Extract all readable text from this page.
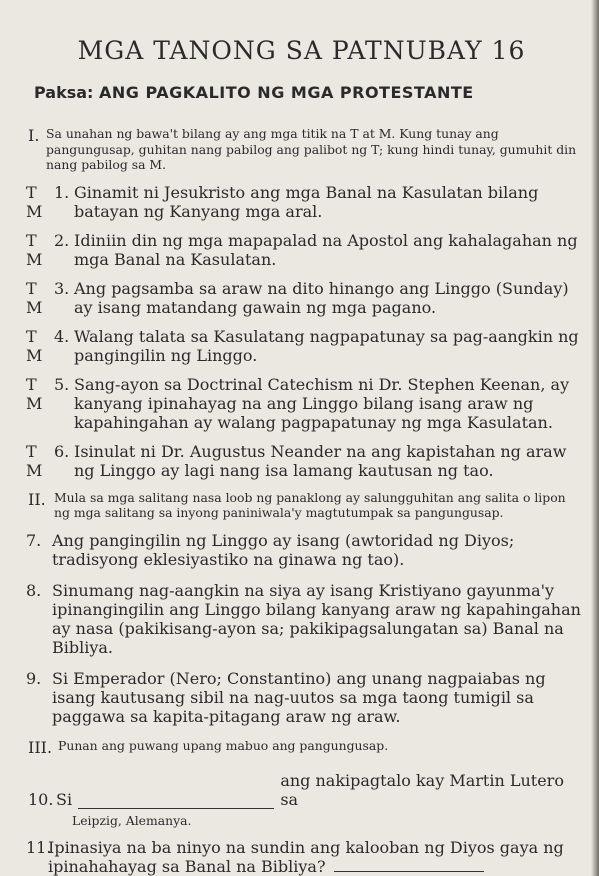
MGA TANONG SA PATNUBAY 16
Paksa: ANG PAGKALITO NG MGA PROTESTANTE
I. Sa unahan ng bawa't bilang ay ang mga titik na T at M. Kung tunay ang pangungusap, guhitan nang pabilog ang palibot ng T; kung hindi tunay, gumuhit din nang pabilog sa M.

T M
1. Ginamit ni Jesukristo ang mga Banal na Kasulatan bilang batayan ng Kanyang mga aral.
T M
2. Idiniin din ng mga mapapalad na Apostol ang kahalagahan ng mga Banal na Kasulatan.
T M
3. Ang pagsamba sa araw na dito hinango ang Linggo (Sunday) ay isang matandang gawain ng mga pagano.
T M
4. Walang talata sa Kasulatang nagpapatunay sa pag-aangkin ng pangingilin ng Linggo.
T M
5. Sang-ayon sa Doctrinal Catechism ni Dr. Stephen Keenan, ay kanyang ipinahayag na ang Linggo bilang isang araw ng kapahingahan ay walang pagpapatunay ng mga Kasulatan.
T M
6. Isinulat ni Dr. Augustus Neander na ang kapistahan ng araw ng Linggo ay lagi nang isa lamang kautusan ng tao.
II. Mula sa mga salitang nasa loob ng panaklong ay salungguhitan ang salita o lipon ng mga salitang sa inyong paniniwala'y magtutumpak sa pangungusap.

7. Ang pangingilin ng Linggo ay isang (awtoridad ng Diyos; tradisyong eklesiyastiko na ginawa ng tao).
8. Sinumang nag-aangkin na siya ay isang Kristiyano gayunma'y ipinangingilin ang Linggo bilang kanyang araw ng kapahingahan ay nasa (pakikisang-ayon sa; pakikipagsalungatan sa) Banal na Bibliya.
9. Si Emperador (Nero; Constantino) ang unang nagpaiabas ng isang kautusang sibil na nag-uutos sa mga taong tumigil sa paggawa sa kapita-pitagang araw ng araw.
III. Punan ang puwang upang mabuo ang pangungusap.

10. Si
ang nakipagtalo kay Martin Lutero sa

Leipzig, Alemanya.

11.
Ipinasiya na ba ninyo na sundin ang kalooban ng Diyos gaya ng ipinahahayag sa Banal na Bibliya?
